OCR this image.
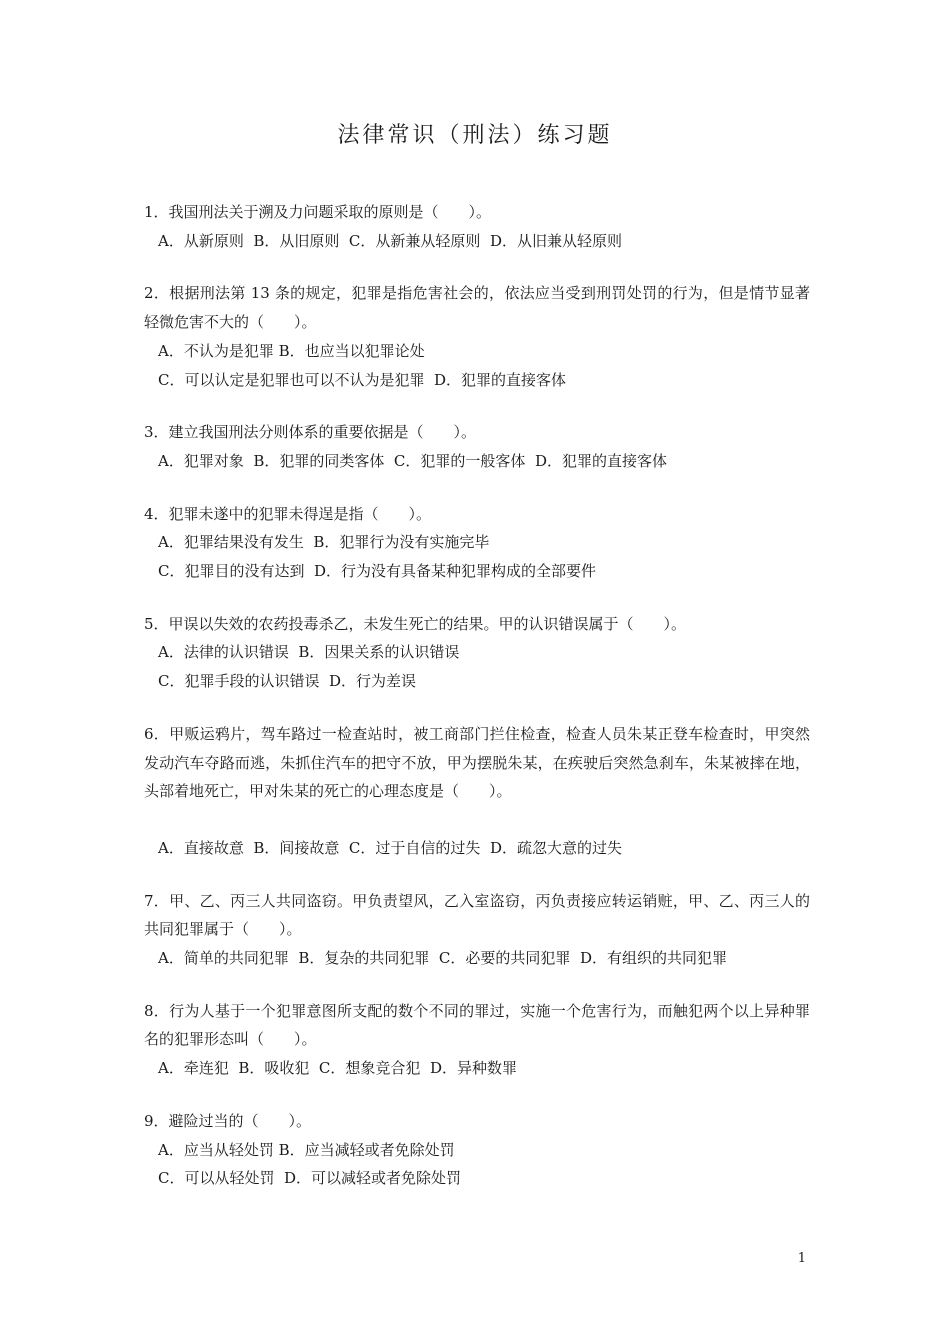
法律常识（刑法）练习题

1．我国刑法关于溯及力问题采取的原则是（　　）。

A．从新原则  B．从旧原则  C．从新兼从轻原则  D．从旧兼从轻原则

2．根据刑法第 13 条的规定，犯罪是指危害社会的，依法应当受到刑罚处罚的行为，但是情节显著轻微危害不大的（　　）。

A．不认为是犯罪 B．也应当以犯罪论处

C．可以认定是犯罪也可以不认为是犯罪  D．犯罪的直接客体

3．建立我国刑法分则体系的重要依据是（　　）。

A．犯罪对象  B．犯罪的同类客体  C．犯罪的一般客体  D．犯罪的直接客体

4．犯罪未遂中的犯罪未得逞是指（　　）。

A．犯罪结果没有发生  B．犯罪行为没有实施完毕

C．犯罪目的没有达到  D．行为没有具备某种犯罪构成的全部要件

5．甲误以失效的农药投毒杀乙，未发生死亡的结果。甲的认识错误属于（　　）。

A．法律的认识错误  B．因果关系的认识错误

C．犯罪手段的认识错误  D．行为差误

6．甲贩运鸦片，驾车路过一检查站时，被工商部门拦住检查，检查人员朱某正登车检查时，甲突然发动汽车夺路而逃，朱抓住汽车的把守不放，甲为摆脱朱某，在疾驶后突然急刹车，朱某被摔在地，头部着地死亡，甲对朱某的死亡的心理态度是（　　）。

A．直接故意  B．间接故意  C．过于自信的过失  D．疏忽大意的过失

7．甲、乙、丙三人共同盗窃。甲负责望风，乙入室盗窃，丙负责接应转运销赃，甲、乙、丙三人的共同犯罪属于（　　）。

A．简单的共同犯罪  B．复杂的共同犯罪  C．必要的共同犯罪  D．有组织的共同犯罪

8．行为人基于一个犯罪意图所支配的数个不同的罪过，实施一个危害行为，而触犯两个以上异种罪名的犯罪形态叫（　　）。

A．牵连犯  B．吸收犯  C．想象竞合犯  D．异种数罪

9．避险过当的（　　）。

A．应当从轻处罚 B．应当减轻或者免除处罚

C．可以从轻处罚  D．可以减轻或者免除处罚

1
